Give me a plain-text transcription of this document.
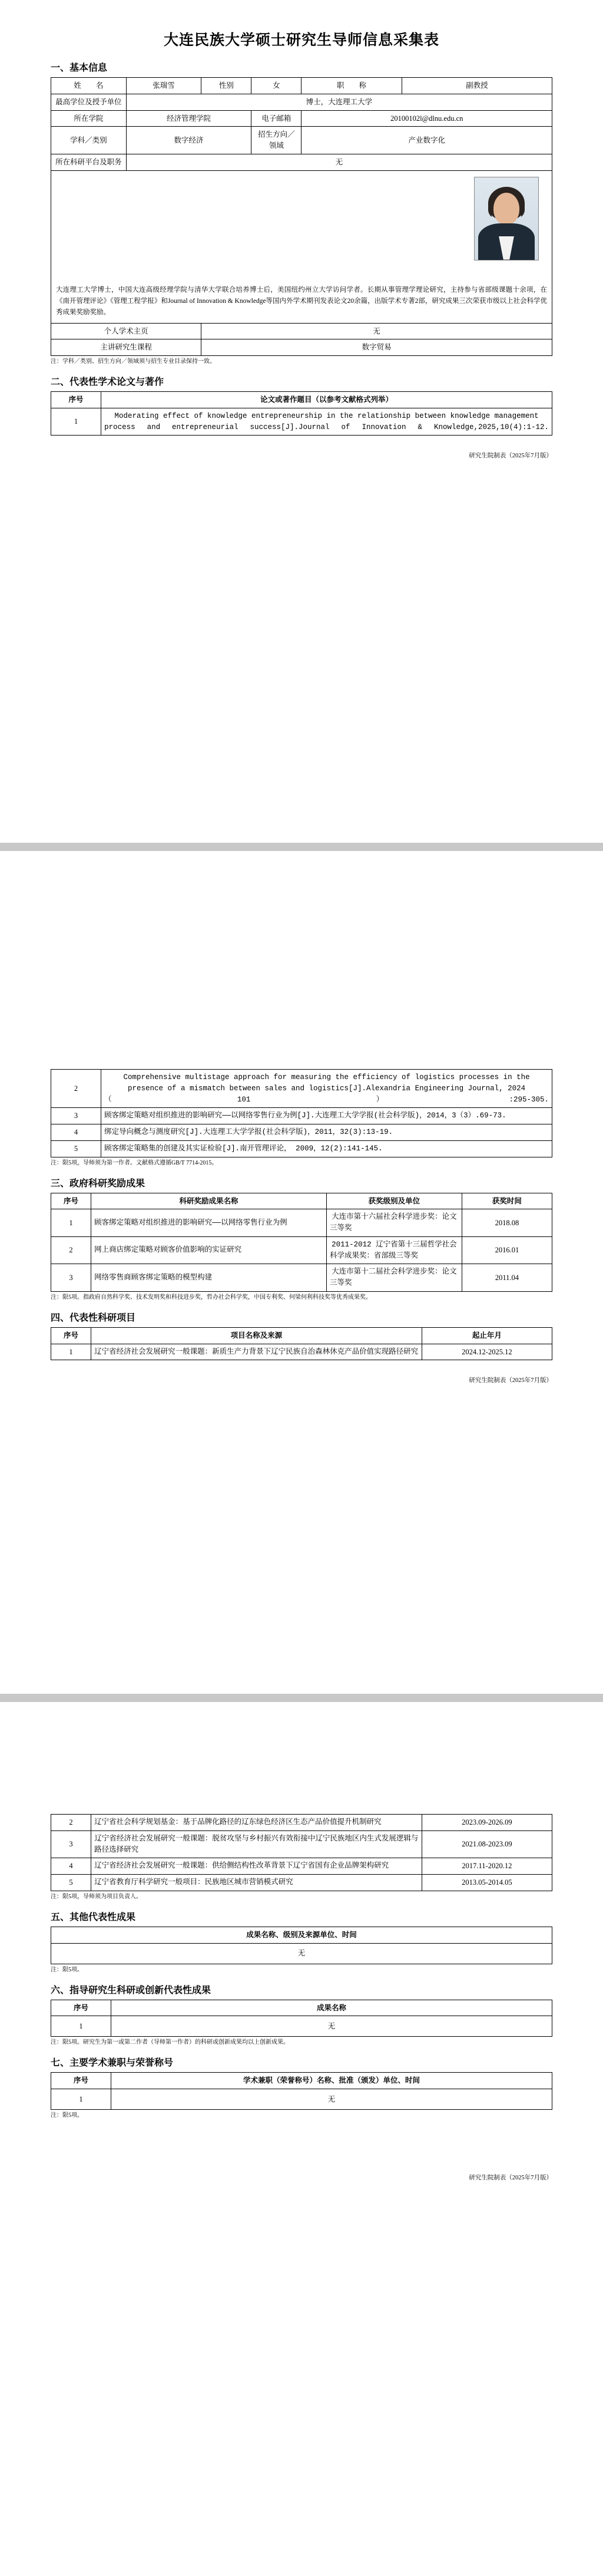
大连民族大学硕士研究生导师信息采集表
一、基本信息
姓　　名	张瑞雪	性别	女	职　　称	副教授
最高学位及授予单位	博士，大连理工大学				
所在学院	经济管理学院		电子邮箱	20100102l@dlnu.edu.cn	
学科／类别	数字经济		招生方向／领域	产业数字化	
所在科研平台及职务	无				

大连理工大学博士，中国大连高级经理学院与清华大学联合培养博士后，美国纽约州立大学访问学者。长期从事管理学理论研究，主持参与省部级课题十余项，在《南开管理评论》《管理工程学报》和Journal of Innovation & Knowledge等国内外学术期刊发表论文20余篇，出版学术专著2部，研究成果三次荣获市级以上社会科学优秀成果奖励奖励。					

个人学术主页		无			
主讲研究生课程		数字贸易			
注：学科／类别、招生方向／领域须与招生专业目录保持一致。
二、代表性学术论文与著作
序号	论文或著作题目（以参考文献格式列举）
1	Moderating effect of knowledge entrepreneurship in the relationship between knowledge management process and entrepreneurial success[J].Journal of Innovation & Knowledge,2025,10(4):1-12.
研究生院制表（2025年7月版）
2	Comprehensive multistage approach for measuring the efficiency of logistics processes in the presence of a mismatch between sales and logistics[J].Alexandria Engineering Journal, 2024（101）:295-305.
3	顾客绑定策略对组织推进的影响研究——以网络零售行业为例[J].大连理工大学学报(社会科学版)，2014，3（3）.69-73.
4	绑定导向概念与测度研究[J].大连理工大学学报(社会科学版)，2011，32(3):13-19.
5	顾客绑定策略集的创建及其实证检验[J].南开管理评论， 2009，12(2):141-145.
注：限5项，导师须为第一作者。文献格式遵循GB/T 7714-2015。
三、政府科研奖励成果
序号	科研奖励成果名称	获奖级别及单位	获奖时间
1	顾客绑定策略对组织推进的影响研究——以网络零售行业为例	大连市第十六届社会科学进步奖：论文三等奖	2018.08
2	网上商店绑定策略对顾客价值影响的实证研究	2011-2012 辽宁省第十三届哲学社会科学成果奖：省部级三等奖	2016.01
3	网络零售商顾客绑定策略的模型构建	大连市第十二届社会科学进步奖：论文三等奖	2011.04
注：限5项。指政府自然科学奖、技术发明奖和科技进步奖，哲办社会科学奖，中国专利奖、何梁何利科技奖等优秀成果奖。
四、代表性科研项目
序号	项目名称及来源	起止年月
1	辽宁省经济社会发展研究一般课题：新质生产力背景下辽宁民族自治森林休克产品价值实现路径研究	2024.12-2025.12
研究生院制表（2025年7月版）
2	辽宁省社会科学规划基金：基于品牌化路径的辽东绿色经济区生态产品价值提升机制研究	2023.09-2026.09
3	辽宁省经济社会发展研究一般课题：脱贫攻坚与乡村振兴有效衔接中辽宁民族地区内生式发展逻辑与路径选择研究	2021.08-2023.09
4	辽宁省经济社会发展研究一般课题：供给侧结构性改革背景下辽宁省国有企业品牌架构研究	2017.11-2020.12
5	辽宁省教育厅科学研究一般项目：民族地区城市营销模式研究	2013.05-2014.05
注：限5项，导师须为项目负责人。
五、其他代表性成果
成果名称、级别及来源单位、时间
无
注：限5项。
六、指导研究生科研或创新代表性成果
序号	成果名称
1	无
注：限5项。研究生为第一或第二作者（导师第一作者）的科研或创新成果均以上创新成果。
七、主要学术兼职与荣誉称号
序号	学术兼职（荣誉称号）名称、批准（颁发）单位、时间
1	无
注：限5项。
研究生院制表（2025年7月版）
